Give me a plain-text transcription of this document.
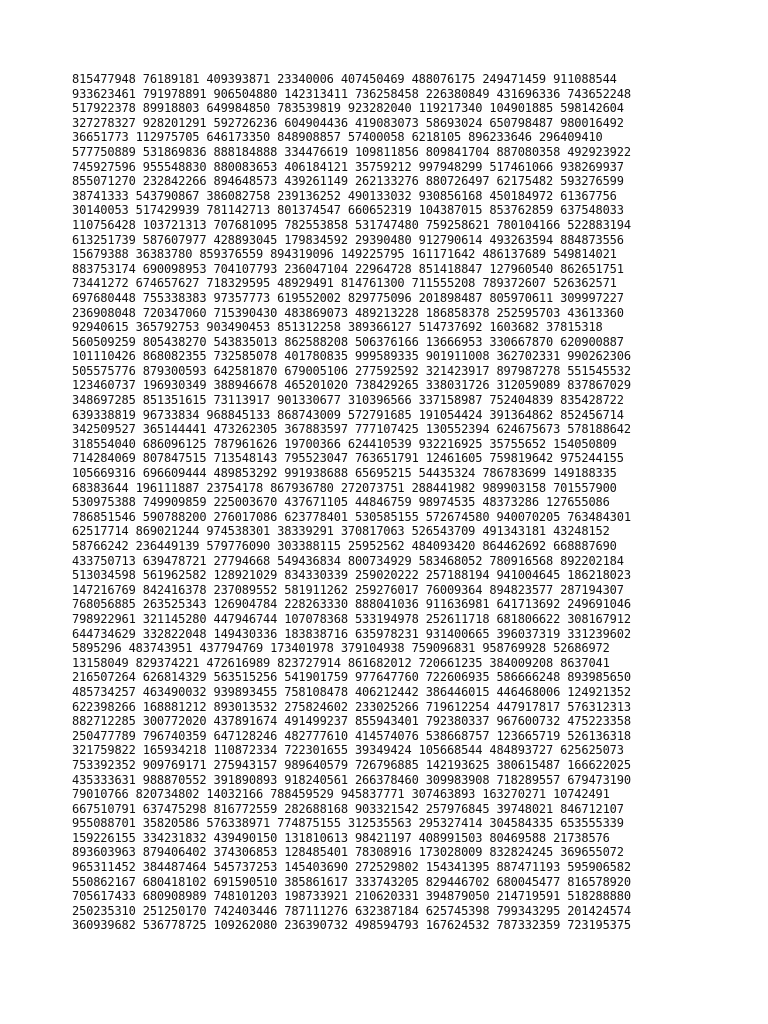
815477948 76189181 409393871 23340006 407450469 488076175 249471459 911088544
933623461 791978891 906504880 142313411 736258458 226380849 431696336 743652248
517922378 89918803 649984850 783539819 923282040 119217340 104901885 598142604
327278327 928201291 592726236 604904436 419083073 58693024 650798487 980016492
36651773 112975705 646173350 848908857 57400058 6218105 896233646 296409410
577750889 531869836 888184888 334476619 109811856 809841704 887080358 492923922
745927596 955548830 880083653 406184121 35759212 997948299 517461066 938269937
855071270 232842266 894648573 439261149 262133276 880726497 62175482 593276599
38741333 543790867 386082758 239136252 490133032 930856168 450184972 61367756
30140053 517429939 781142713 801374547 660652319 104387015 853762859 637548033
110756428 103721313 707681095 782553858 531747480 759258621 780104166 522883194
613251739 587607977 428893045 179834592 29390480 912790614 493263594 884873556
15679388 36383780 859376559 894319096 149225795 161171642 486137689 549814021
883753174 690098953 704107793 236047104 22964728 851418847 127960540 862651751
73441272 674657627 718329595 48929491 814761300 711555208 789372607 526362571
697680448 755338383 97357773 619552002 829775096 201898487 805970611 309997227
236908048 720347060 715390430 483869073 489213228 186858378 252595703 43613360
92940615 365792753 903490453 851312258 389366127 514737692 1603682 37815318
560509259 805438270 543835013 862588208 506376166 13666953 330667870 620900887
101110426 868082355 732585078 401780835 999589335 901911008 362702331 990262306
505575776 879300593 642581870 679005106 277592592 321423917 897987278 551545532
123460737 196930349 388946678 465201020 738429265 338031726 312059089 837867029
348697285 851351615 73113917 901330677 310396566 337158987 752404839 835428722
639338819 96733834 968845133 868743009 572791685 191054424 391364862 852456714
342509527 365144441 473262305 367883597 777107425 130552394 624675673 578188642
318554040 686096125 787961626 19700366 624410539 932216925 35755652 154050809
714284069 807847515 713548143 795523047 763651791 12461605 759819642 975244155
105669316 696609444 489853292 991938688 65695215 54435324 786783699 149188335
68383644 196111887 23754178 867936780 272073751 288441982 989903158 701557900
530975388 749909859 225003670 437671105 44846759 98974535 48373286 127655086
786851546 590788200 276017086 623778401 530585155 572674580 940070205 763484301
62517714 869021244 974538301 38339291 370817063 526543709 491343181 43248152
58766242 236449139 579776090 303388115 25952562 484093420 864462692 668887690
433750713 639478721 27794668 549436834 800734929 583468052 780916568 892202184
513034598 561962582 128921029 834330339 259020222 257188194 941004645 186218023
147216769 842416378 237089552 581911262 259276017 76009364 894823577 287194307
768056885 263525343 126904784 228263330 888041036 911636981 641713692 249691046
798922961 321145280 447946744 107078368 533194978 252611718 681806622 308167912
644734629 332822048 149430336 183838716 635978231 931400665 396037319 331239602
5895296 483743951 437794769 173401978 379104938 759096831 958769928 52686972
13158049 829374221 472616989 823727914 861682012 720661235 384009208 8637041
216507264 626814329 563515256 541901759 977647760 722606935 586666248 893985650
485734257 463490032 939893455 758108478 406212442 386446015 446468006 124921352
622398266 168881212 893013532 275824602 233025266 719612254 447917817 576312313
882712285 300772020 437891674 491499237 855943401 792380337 967600732 475223358
250477789 796740359 647128246 482777610 414574076 538668757 123665719 526136318
321759822 165934218 110872334 722301655 39349424 105668544 484893727 625625073
753392352 909769171 275943157 989640579 726796885 142193625 380615487 166622025
435333631 988870552 391890893 918240561 266378460 309983908 718289557 679473190
79010766 820734802 14032166 788459529 945837771 307463893 163270271 10742491
667510791 637475298 816772559 282688168 903321542 257976845 39748021 846712107
955088701 35820586 576338971 774875155 312535563 295327414 304584335 653555339
159226155 334231832 439490150 131810613 98421197 408991503 80469588 21738576
893603963 879406402 374306853 128485401 78308916 173028009 832824245 369655072
965311452 384487464 545737253 145403690 272529802 154341395 887471193 595906582
550862167 680418102 691590510 385861617 333743205 829446702 680045477 816578920
705617433 680908989 748101203 198733921 210620331 394879050 214719591 518288880
250235310 251250170 742403446 787111276 632387184 625745398 799343295 201424574
360939682 536778725 109262080 236390732 498594793 167624532 787332359 723195375
